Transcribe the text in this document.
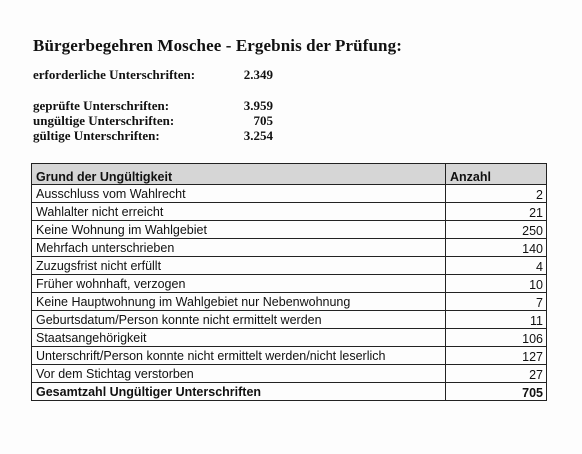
Bürgerbegehren Moschee - Ergebnis der Prüfung:
erforderliche Unterschriften:	2.349
geprüfte Unterschriften:	3.959
ungültige Unterschriften:	705
gültige Unterschriften:	3.254
Grund der Ungültigkeit	Anzahl
Ausschluss vom Wahlrecht	2
Wahlalter nicht erreicht	21
Keine Wohnung im Wahlgebiet	250
Mehrfach unterschrieben	140
Zuzugsfrist nicht erfüllt	4
Früher wohnhaft, verzogen	10
Keine Hauptwohnung im Wahlgebiet nur Nebenwohnung	7
Geburtsdatum/Person konnte nicht ermittelt werden	11
Staatsangehörigkeit	106
Unterschrift/Person konnte nicht ermittelt werden/nicht leserlich	127
Vor dem Stichtag verstorben	27
Gesamtzahl Ungültiger Unterschriften	705
